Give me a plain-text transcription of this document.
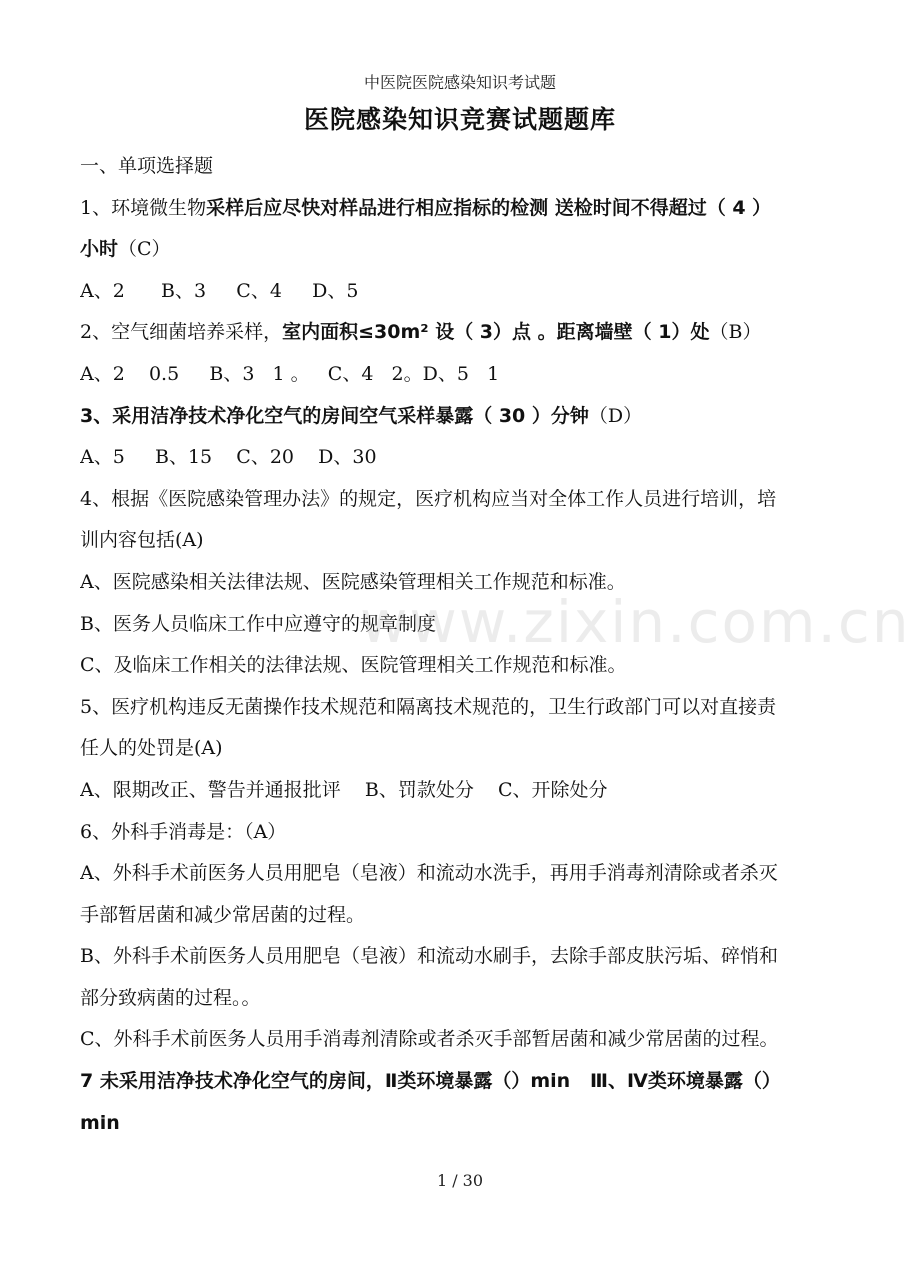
中医院医院感染知识考试题
医院感染知识竞赛试题题库
一、单项选择题
1、环境微生物采样后应尽快对样品进行相应指标的检测 送检时间不得超过（ 4 ）
小时（C）
A、2      B、3     C、4     D、5
2、空气细菌培养采样，室内面积≤30m² 设（ 3）点 。距离墙壁（ 1）处（B）
A、2    0.5     B、3   1 。   C、4   2。D、5   1
3、采用洁净技术净化空气的房间空气采样暴露（ 30 ）分钟（D）
A、5     B、15    C、20    D、30
4、根据《医院感染管理办法》的规定，医疗机构应当对全体工作人员进行培训，培
训内容包括(A)
A、医院感染相关法律法规、医院感染管理相关工作规范和标准。
B、医务人员临床工作中应遵守的规章制度
C、及临床工作相关的法律法规、医院管理相关工作规范和标准。
5、医疗机构违反无菌操作技术规范和隔离技术规范的，卫生行政部门可以对直接责
任人的处罚是(A)
A、限期改正、警告并通报批评    B、罚款处分    C、开除处分
6、外科手消毒是：（A）
A、外科手术前医务人员用肥皂（皂液）和流动水洗手，再用手消毒剂清除或者杀灭
手部暂居菌和减少常居菌的过程。
B、外科手术前医务人员用肥皂（皂液）和流动水刷手，去除手部皮肤污垢、碎悄和
部分致病菌的过程。。
C、外科手术前医务人员用手消毒剂清除或者杀灭手部暂居菌和减少常居菌的过程。
7 未采用洁净技术净化空气的房间，Ⅱ类环境暴露（）min   Ⅲ、Ⅳ类环境暴露（）
min
www.zixin.com.cn
1 / 30
